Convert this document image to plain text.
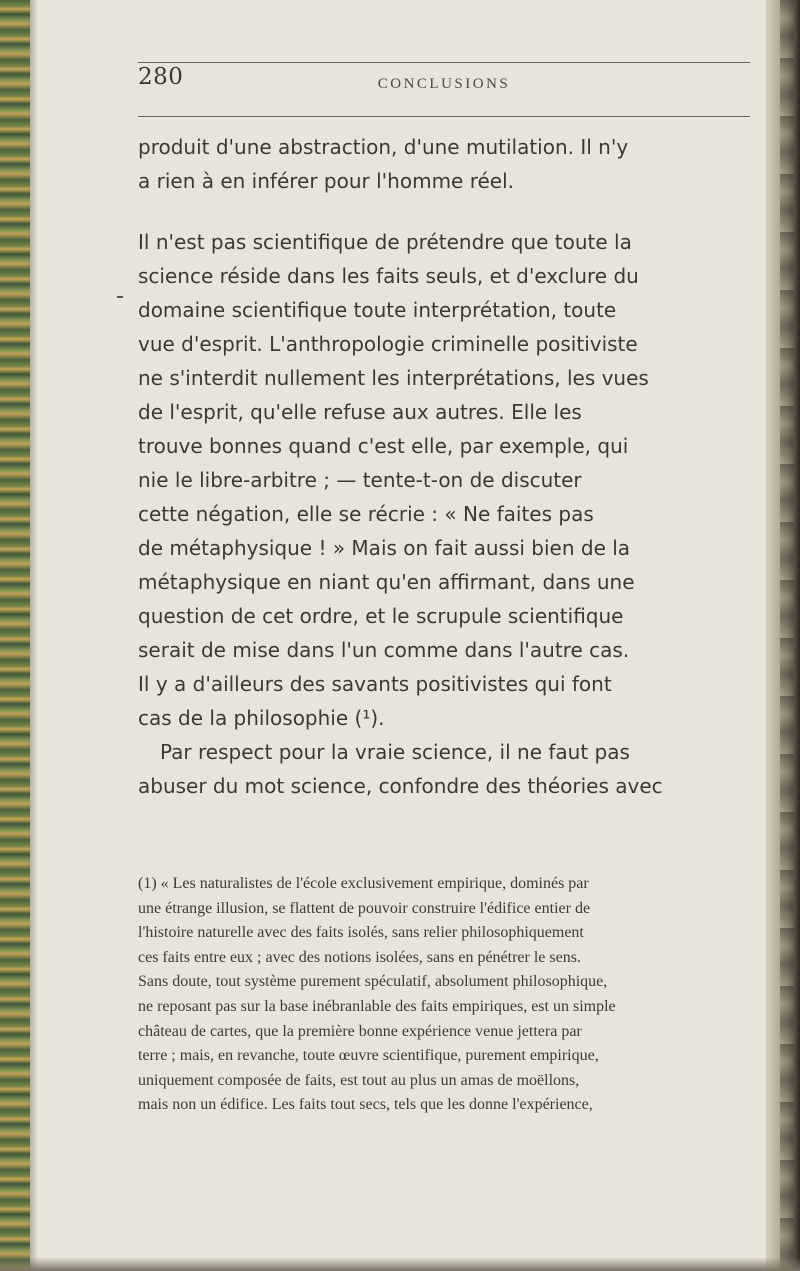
280	CONCLUSIONS
produit d'une abstraction, d'une mutilation. Il n'y
a rien à en inférer pour l'homme réel.
Il n'est pas scientifique de prétendre que toute la
science réside dans les faits seuls, et d'exclure du
domaine scientifique toute interprétation, toute
vue d'esprit. L'anthropologie criminelle positiviste
ne s'interdit nullement les interprétations, les vues
de l'esprit, qu'elle refuse aux autres. Elle les
trouve bonnes quand c'est elle, par exemple, qui
nie le libre-arbitre ; — tente-t-on de discuter
cette négation, elle se récrie : « Ne faites pas
de métaphysique ! » Mais on fait aussi bien de la
métaphysique en niant qu'en affirmant, dans une
question de cet ordre, et le scrupule scientifique
serait de mise dans l'un comme dans l'autre cas.
Il y a d'ailleurs des savants positivistes qui font
cas de la philosophie (¹).
Par respect pour la vraie science, il ne faut pas
abuser du mot science, confondre des théories avec
(1) « Les naturalistes de l'école exclusivement empirique, dominés par
une étrange illusion, se flattent de pouvoir construire l'édifice entier de
l'histoire naturelle avec des faits isolés, sans relier philosophiquement
ces faits entre eux ; avec des notions isolées, sans en pénétrer le sens.
Sans doute, tout système purement spéculatif, absolument philosophique,
ne reposant pas sur la base inébranlable des faits empiriques, est un simple
château de cartes, que la première bonne expérience venue jettera par
terre ; mais, en revanche, toute œuvre scientifique, purement empirique,
uniquement composée de faits, est tout au plus un amas de moëllons,
mais non un édifice. Les faits tout secs, tels que les donne l'expérience,
